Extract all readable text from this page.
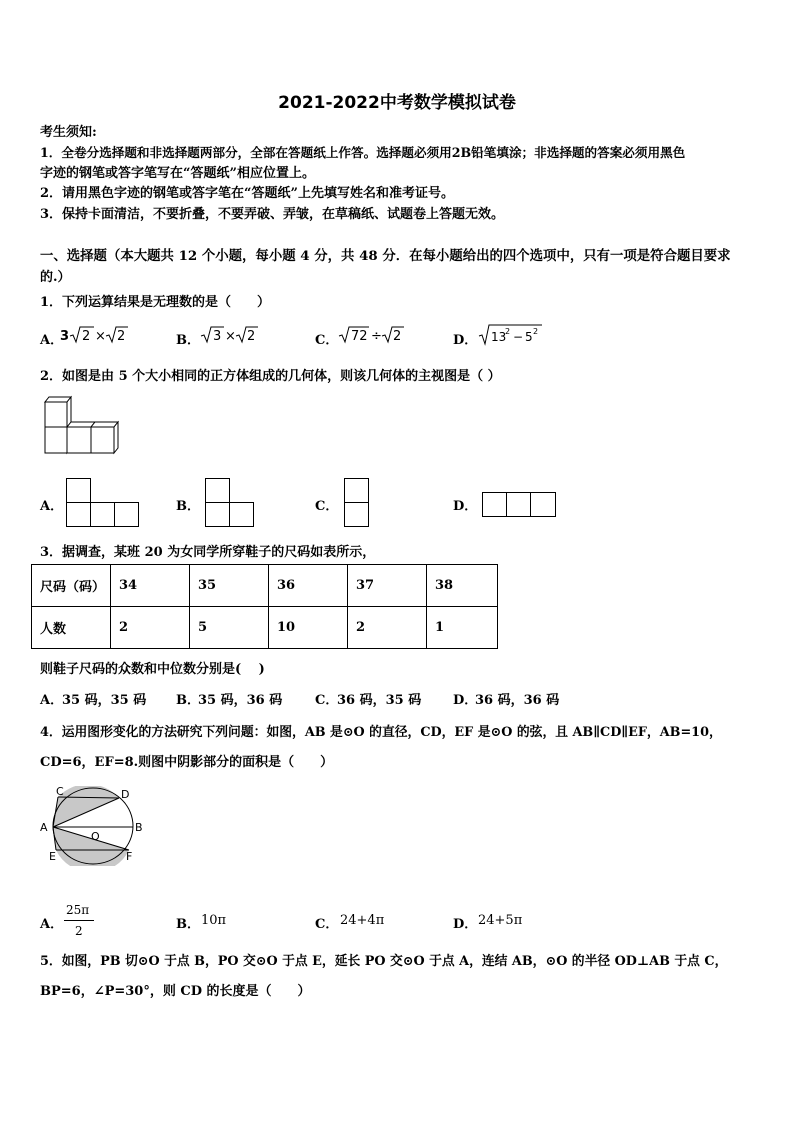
2021-2022中考数学模拟试卷
考生须知:
1．全卷分选择题和非选择题两部分，全部在答题纸上作答。选择题必须用2B铅笔填涂；非选择题的答案必须用黑色
字迹的钢笔或答字笔写在“答题纸”相应位置上。
2．请用黑色字迹的钢笔或答字笔在“答题纸”上先填写姓名和准考证号。
3．保持卡面清洁，不要折叠，不要弄破、弄皱，在草稿纸、试题卷上答题无效。
一、选择题（本大题共 12 个小题，每小题 4 分，共 48 分．在每小题给出的四个选项中，只有一项是符合题目要求
的.）
1．下列运算结果是无理数的是（　　）
A．
3 2 × 2	B． 3 × 2	C． 72 ÷ 2	D． 13
2 − 5 2
2．如图是由 5 个大小相同的正方体组成的几何体，则该几何体的主视图是（ ）
A．	B．	C．	D．
3．据调查，某班 20 为女同学所穿鞋子的尺码如表所示，
尺码（码）	34	35	36	37	38
人数	2	5	10	2	1
则鞋子尺码的众数和中位数分别是(　 )
A．
35 码，35 码 B．
35 码，36 码	C．
36 码，35 码 D．
36 码，36 码
4．运用图形变化的方法研究下列问题：如图，AB 是⊙O 的直径，CD，EF 是⊙O 的弦，且 AB∥CD∥EF，AB=10，
CD=6，EF=8.则图中阴影部分的面积是（　　）
C	D
A
O
B
E	F
A．
25π
2	B． 10π	C． 24+4π	D． 24+5π
5．如图，PB 切⊙O 于点 B，PO 交⊙O 于点 E，延长 PO 交⊙O 于点 A，连结 AB，⊙O 的半径 OD⊥AB 于点 C，
BP=6，∠P=30°，则 CD 的长度是（　　）
